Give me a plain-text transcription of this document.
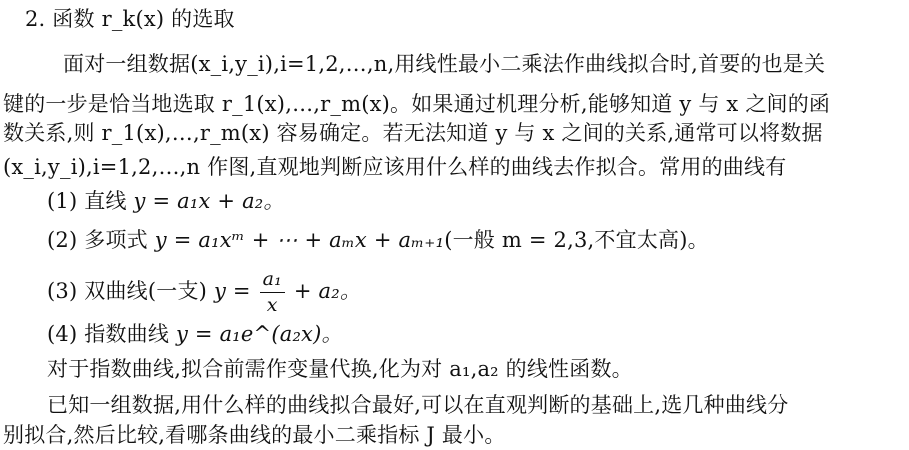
2. 函数 r_k(x) 的选取
面对一组数据(x_i,y_i),i=1,2,…,n,用线性最小二乘法作曲线拟合时,首要的也是关
键的一步是恰当地选取 r_1(x),…,r_m(x)。如果通过机理分析,能够知道 y 与 x 之间的函
数关系,则 r_1(x),…,r_m(x) 容易确定。若无法知道 y 与 x 之间的关系,通常可以将数据
(x_i,y_i),i=1,2,…,n 作图,直观地判断应该用什么样的曲线去作拟合。常用的曲线有
(1) 直线 y = a₁x + a₂。
(2) 多项式 y = a₁xᵐ + ⋯ + aₘx + aₘ₊₁(一般 m = 2,3,不宜太高)。
(3) 双曲线(一支) $y = \frac{\text{a₁}}{x} + a_2$。
(4) 指数曲线 y = a₁e^(a₂x)。
对于指数曲线,拟合前需作变量代换,化为对 a₁,a₂ 的线性函数。
已知一组数据,用什么样的曲线拟合最好,可以在直观判断的基础上,选几种曲线分
别拟合,然后比较,看哪条曲线的最小二乘指标 J 最小。
